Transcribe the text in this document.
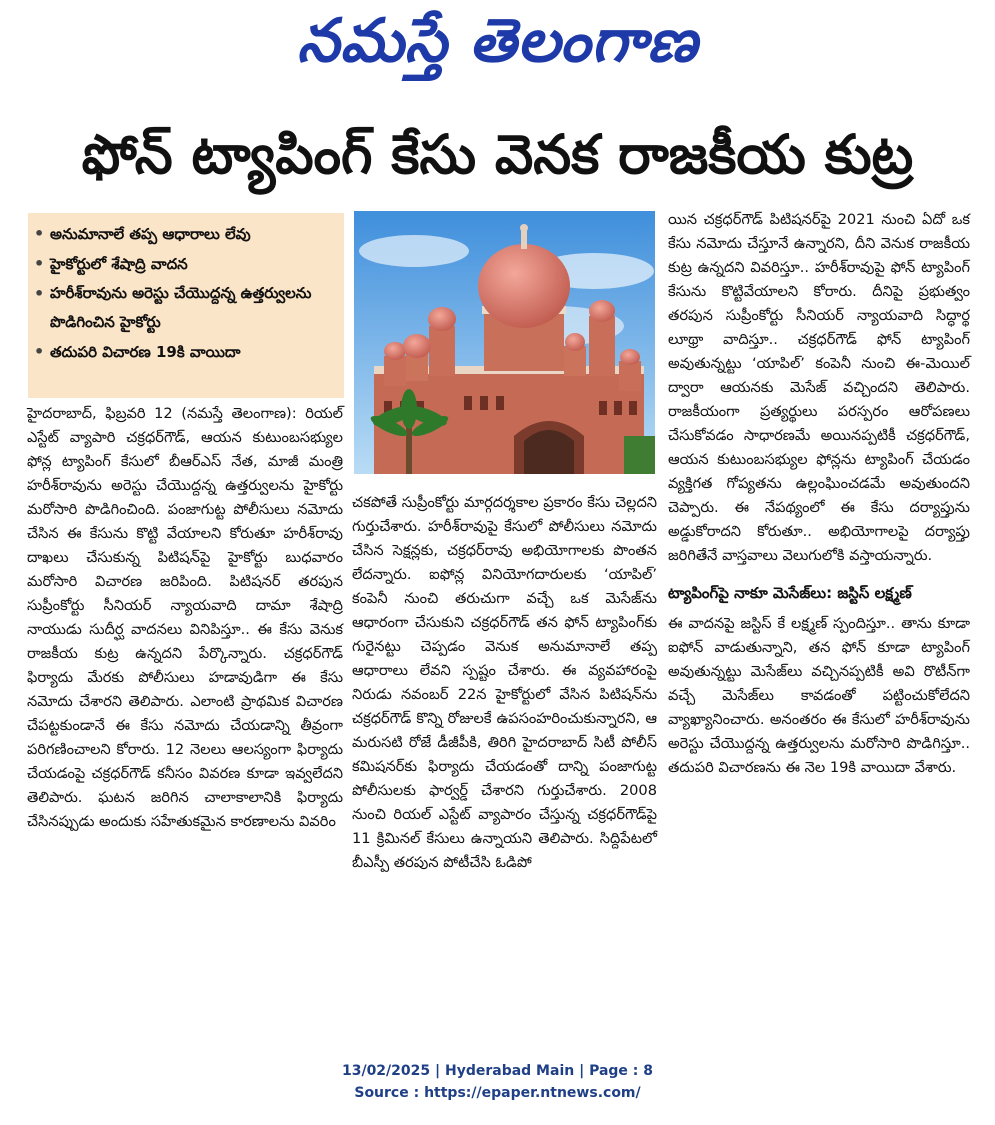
నమస్తే తెలంగాణ
ఫోన్ ట్యాపింగ్ కేసు వెనక రాజకీయ కుట్ర
• అనుమానాలే తప్ప ఆధారాలు లేవు
• హైకోర్టులో శేషాద్రి వాదన
• హరీశ్‌రావును అరెస్టు చేయొద్దన్న ఉత్తర్వులను పొడిగించిన హైకోర్టు
• తదుపరి విచారణ 19కి వాయిదా

హైదరాబాద్, ఫిబ్రవరి 12 (నమస్తే తెలంగాణ): రియల్ ఎస్టేట్ వ్యాపారి చక్రధర్‌గౌడ్, ఆయన కుటుంబసభ్యుల ఫోన్ల ట్యాపింగ్ కేసులో బీఆర్ఎస్ నేత, మాజీ మంత్రి హరీశ్‌రావును అరెస్టు చేయొద్దన్న ఉత్తర్వులను హైకోర్టు మరోసారి పొడిగించింది. పంజాగుట్ట పోలీసులు నమోదు చేసిన ఈ కేసును కొట్టి వేయాలని కోరుతూ హరీశ్‌రావు దాఖలు చేసుకున్న పిటిషన్‌పై హైకోర్టు బుధవారం మరోసారి విచారణ జరిపింది. పిటిషనర్ తరపున సుప్రీంకోర్టు సీనియర్ న్యాయవాది దామా శేషాద్రి నాయుడు సుదీర్ఘ వాదనలు వినిపిస్తూ.. ఈ కేసు వెనుక రాజకీయ కుట్ర ఉన్నదని పేర్కొన్నారు. చక్రధర్‌గౌడ్ ఫిర్యాదు మేరకు పోలీసులు హడావుడిగా ఈ కేసు నమోదు చేశారని తెలిపారు. ఎలాంటి ప్రాథమిక విచారణ చేపట్టకుండానే ఈ కేసు నమోదు చేయడాన్ని తీవ్రంగా పరిగణించాలని కోరారు. 12 నెలలు ఆలస్యంగా ఫిర్యాదు చేయడంపై చక్రధర్‌గౌడ్ కనీసం వివరణ కూడా ఇవ్వలేదని తెలిపారు. ఘటన జరిగిన చాలాకాలానికి ఫిర్యాదు చేసినప్పుడు అందుకు సహేతుకమైన కారణాలను వివరిం

చకపోతే సుప్రీంకోర్టు మార్గదర్శకాల ప్రకారం కేసు చెల్లదని గుర్తుచేశారు. హరీశ్‌రావుపై కేసులో పోలీసులు నమోదు చేసిన సెక్షన్లకు, చక్రధర్‌రావు అభియోగాలకు పొంతన లేదన్నారు. ఐఫోన్ల వినియోగదారులకు ‘యాపిల్’ కంపెనీ నుంచి తరుచుగా వచ్చే ఒక మెసేజ్‌ను ఆధారంగా చేసుకుని చక్రధర్‌గౌడ్ తన ఫోన్ ట్యాపింగ్‌కు గురైనట్టు చెప్పడం వెనుక అనుమానాలే తప్ప ఆధారాలు లేవని స్పష్టం చేశారు. ఈ వ్యవహారంపై నిరుడు నవంబర్ 22న హైకోర్టులో వేసిన పిటిషన్‌ను చక్రధర్‌గౌడ్ కొన్ని రోజులకే ఉపసంహరించుకున్నారని, ఆ మరుసటి రోజే డీజీపీకి, తిరిగి హైదరాబాద్ సిటీ పోలీస్ కమిషనర్‌కు ఫిర్యాదు చేయడంతో దాన్ని పంజాగుట్ట పోలీసులకు ఫార్వర్డ్ చేశారని గుర్తుచేశారు. 2008 నుంచి రియల్ ఎస్టేట్ వ్యాపారం చేస్తున్న చక్రధర్‌గౌడ్‌పై 11 క్రిమినల్ కేసులు ఉన్నాయని తెలిపారు. సిద్దిపేటలో బీఎస్పీ తరపున పోటీచేసి ఓడిపో

యిన చక్రధర్‌గౌడ్ పిటిషనర్‌పై 2021 నుంచి ఏదో ఒక కేసు నమోదు చేస్తూనే ఉన్నారని, దీని వెనుక రాజకీయ కుట్ర ఉన్నదని వివరిస్తూ.. హరీశ్‌రావుపై ఫోన్ ట్యాపింగ్ కేసును కొట్టివేయాలని కోరారు. దీనిపై ప్రభుత్వం తరపున సుప్రీంకోర్టు సీనియర్ న్యాయవాది సిద్ధార్థ లూథ్రా వాదిస్తూ.. చక్రధర్‌గౌడ్ ఫోన్ ట్యాపింగ్ అవుతున్నట్టు ‘యాపిల్’ కంపెనీ నుంచి ఈ-మెయిల్ ద్వారా ఆయనకు మెసేజ్ వచ్చిందని తెలిపారు. రాజకీయంగా ప్రత్యర్థులు పరస్పరం ఆరోపణలు చేసుకోవడం సాధారణమే అయినప్పటికీ చక్రధర్‌గౌడ్, ఆయన కుటుంబసభ్యుల ఫోన్లను ట్యాపింగ్ చేయడం వ్యక్తిగత గోప్యతను ఉల్లంఘించడమే అవుతుందని చెప్పారు. ఈ నేపథ్యంలో ఈ కేసు దర్యాప్తును అడ్డుకోరాదని కోరుతూ.. అభియోగాలపై దర్యాప్తు జరిగితేనే వాస్తవాలు వెలుగులోకి వస్తాయన్నారు.

ట్యాపింగ్‌పై నాకూ మెసేజ్‌లు: జస్టిస్ లక్ష్మణ్

ఈ వాదనపై జస్టిస్ కే లక్ష్మణ్ స్పందిస్తూ.. తాను కూడా ఐఫోన్ వాడుతున్నాని, తన ఫోన్ కూడా ట్యాపింగ్ అవుతున్నట్టు మెసేజ్‌లు వచ్చినప్పటికీ అవి రొటీన్‌గా వచ్చే మెసేజ్‌లు కావడంతో పట్టించుకోలేదని వ్యాఖ్యానించారు. అనంతరం ఈ కేసులో హరీశ్‌రావును అరెస్టు చేయొద్దన్న ఉత్తర్వులను మరోసారి పొడిగిస్తూ.. తదుపరి విచారణను ఈ నెల 19కి వాయిదా వేశారు.

13/02/2025 | Hyderabad Main | Page : 8
Source : https://epaper.ntnews.com/
